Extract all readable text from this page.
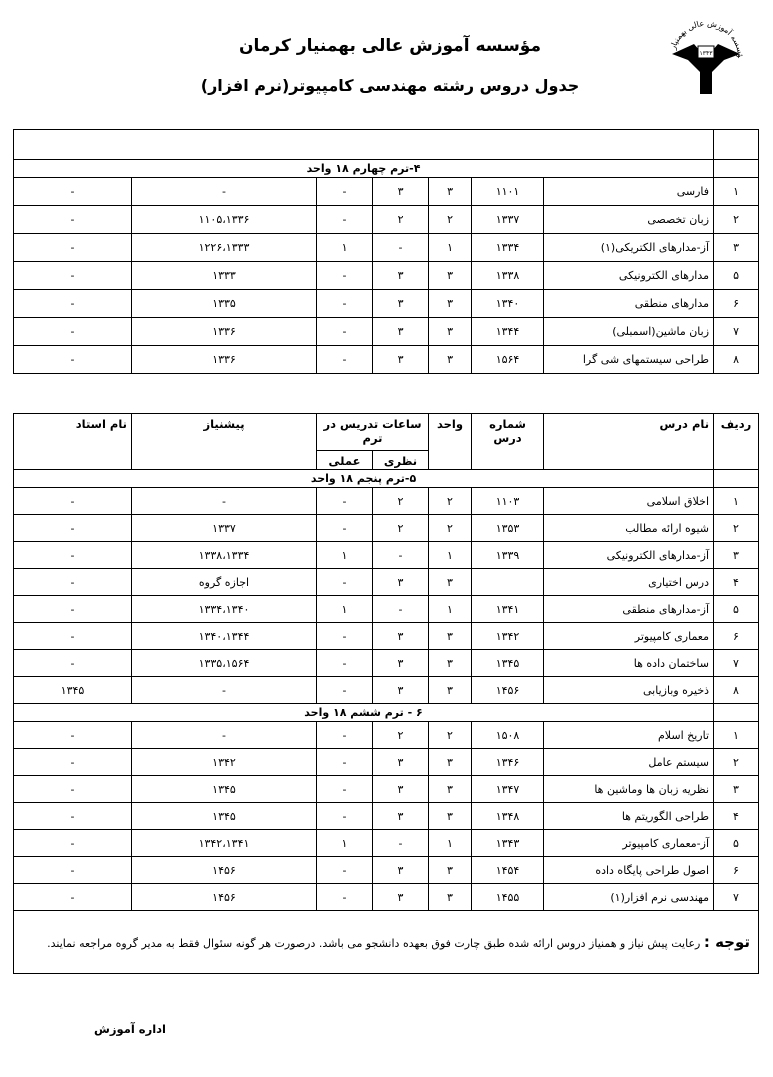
ؤسسه آموزش عالی بهمنیار
١٣۴٣
مؤسسه آموزش عالی بهمنیار کرمان
جدول دروس رشته مهندسی کامپیوتر(نرم افزار)

	۴-ترم چهارم ۱۸ واحد						
۱	فارسی	۱۱۰۱	۳	۳	-	-	-
۲	زبان تخصصی	۱۳۳۷	۲	۲	-	۱۱۰۵،۱۳۳۶	-
۳	آز-مدارهای الکتریکی(۱)	۱۳۳۴	۱	-	۱	۱۲۲۶،۱۳۳۳	-
۵	مدارهای الکترونیکی	۱۳۳۸	۳	۳	-	۱۳۳۳	-
۶	مدارهای منطقی	۱۳۴۰	۳	۳	-	۱۳۳۵	-
۷	زبان ماشین(اسمبلی)	۱۳۴۴	۳	۳	-	۱۳۳۶	-
۸	طراحی سیستمهای شی گرا	۱۵۶۴	۳	۳	-	۱۳۳۶	-
ردیف	نام درس	شماره درس	واحد	ساعات تدریس در ترم		پیشنیاز	نام استاد
				نظری	عملی		
	۵-ترم پنجم ۱۸ واحد						
۱	اخلاق اسلامی	۱۱۰۳	۲	۲	-	-	-
۲	شیوه ارائه مطالب	۱۳۵۳	۲	۲	-	۱۳۳۷	-
۳	آز-مدارهای الکترونیکی	۱۳۳۹	۱	-	۱	۱۳۳۸،۱۳۳۴	-
۴	درس اختیاری		۳	۳	-	اجازه گروه	-
۵	آز-مدارهای منطقی	۱۳۴۱	۱	-	۱	۱۳۳۴،۱۳۴۰	-
۶	معماری کامپیوتر	۱۳۴۲	۳	۳	-	۱۳۴۰،۱۳۴۴	-
۷	ساختمان داده ها	۱۳۴۵	۳	۳	-	۱۳۳۵،۱۵۶۴	-
۸	ذخیره وبازیابی	۱۴۵۶	۳	۳	-	-	۱۳۴۵
	۶ - ترم ششم ۱۸ واحد						
۱	تاریخ اسلام	۱۵۰۸	۲	۲	-	-	-
۲	سیستم عامل	۱۳۴۶	۳	۳	-	۱۳۴۲	-
۳	نظریه زبان ها وماشین ها	۱۳۴۷	۳	۳	-	۱۳۴۵	-
۴	طراحی الگوریتم ها	۱۳۴۸	۳	۳	-	۱۳۴۵	-
۵	آز-معماری کامپیوتر	۱۳۴۳	۱	-	۱	۱۳۴۲،۱۳۴۱	-
۶	اصول طراحی پایگاه داده	۱۴۵۴	۳	۳	-	۱۴۵۶	-
۷	مهندسی نرم افزار(۱)	۱۴۵۵	۳	۳	-	۱۴۵۶	-
توجه : رعایت پیش نیاز و همنیاز دروس ارائه شده طبق چارت فوق بعهده دانشجو می باشد. درصورت هر گونه سئوال فقط به مدیر گروه مراجعه نمایند.							
اداره آموزش
